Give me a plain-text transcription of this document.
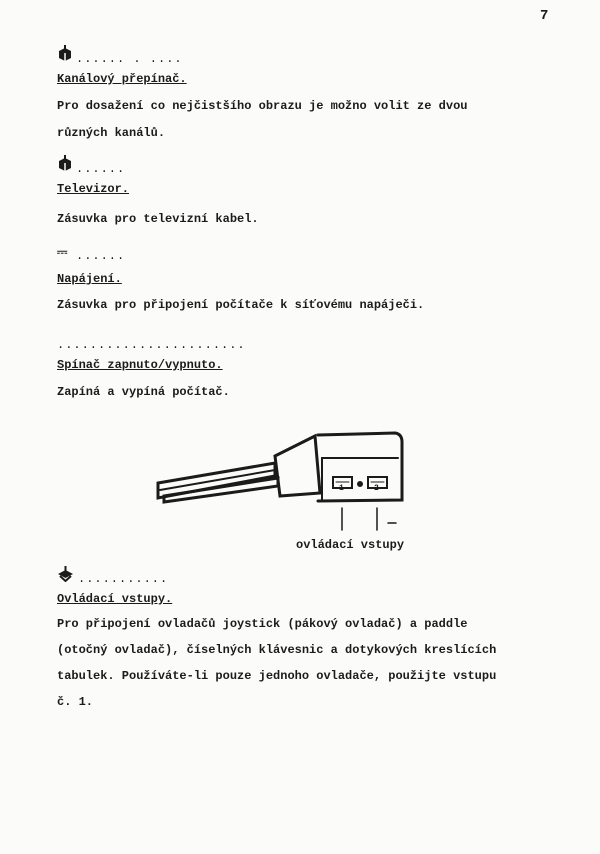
7
...... . ....
Kanálový přepínač.
Pro dosažení co nejčistšího obrazu je možno volit ze dvou
různých kanálů.
......
Televizor.
Zásuvka pro televizní kabel.
⎓ ......
Napájení.
Zásuvka pro připojení počítače k síťovému napáječi.
.......................
Spínač zapnuto/vypnuto.
Zapíná a vypíná počítač.
1	2
ovládací vstupy
...........
Ovládací vstupy.
Pro připojení ovladačů joystick (pákový ovladač) a paddle
(otočný ovladač), číselných klávesnic a dotykových kreslících
tabulek. Používáte-li pouze jednoho ovladače, použijte vstupu
č. 1.
